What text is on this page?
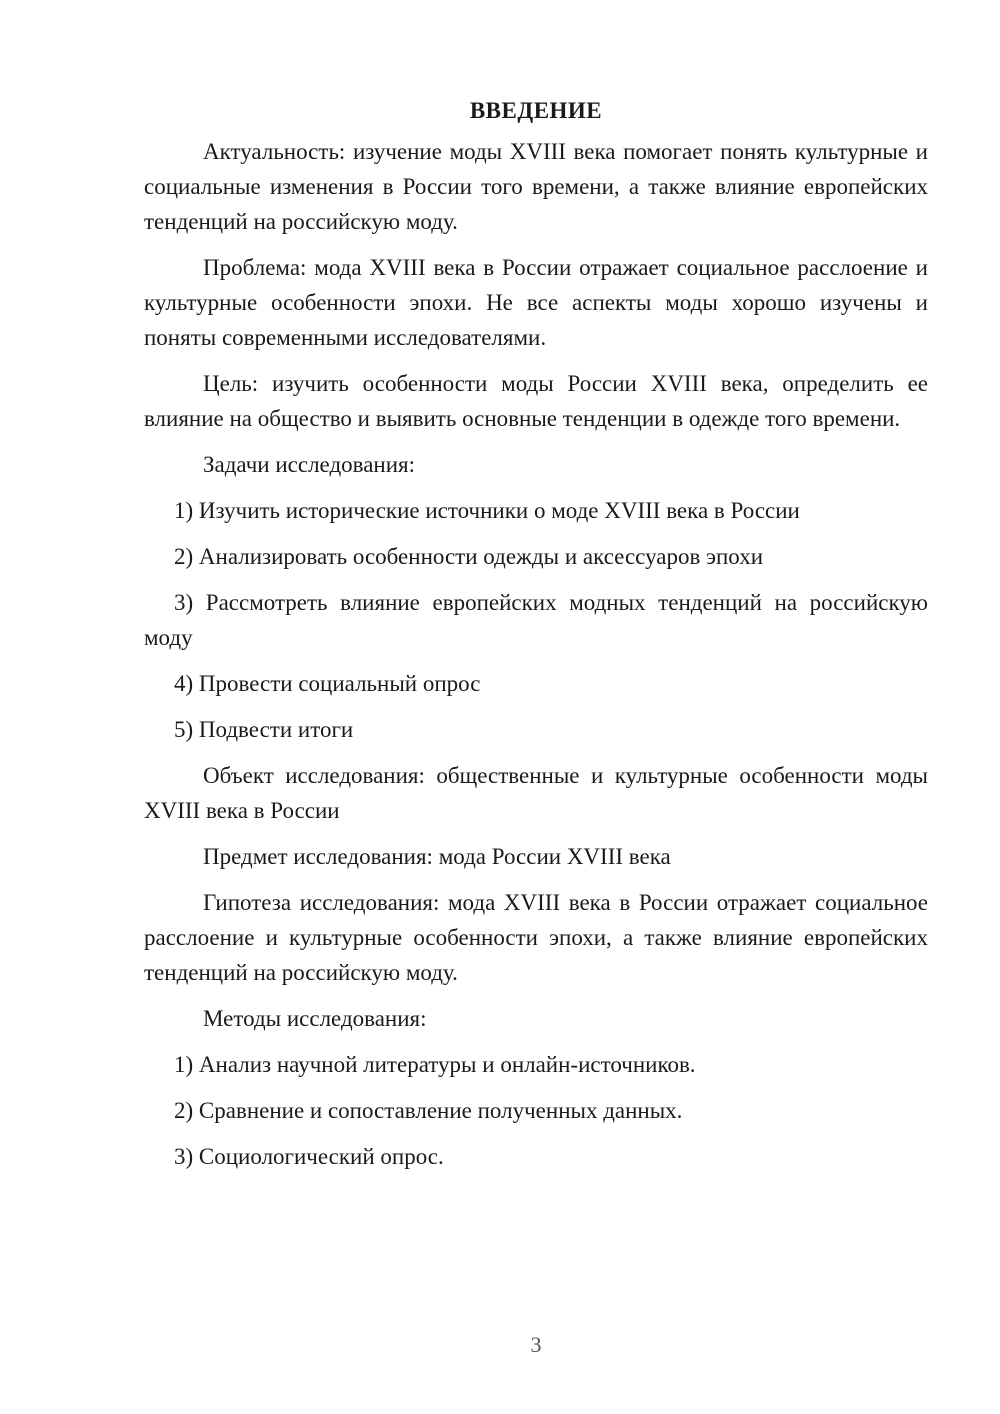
ВВЕДЕНИЕ

Актуальность: изучение моды XVIII века помогает понять культурные и социальные изменения в России того времени, а также влияние европейских тенденций на российскую моду.

Проблема: мода XVIII века в России отражает социальное расслоение и культурные особенности эпохи. Не все аспекты моды хорошо изучены и поняты современными исследователями.

Цель: изучить особенности моды России XVIII века, определить ее влияние на общество и выявить основные тенденции в одежде того времени.

Задачи исследования:

1) Изучить исторические источники о моде XVIII века в России

2) Анализировать особенности одежды и аксессуаров эпохи

3) Рассмотреть влияние европейских модных тенденций на российскую моду

4) Провести социальный опрос

5) Подвести итоги

Объект исследования: общественные и культурные особенности моды XVIII века в России

Предмет исследования: мода России XVIII века

Гипотеза исследования: мода XVIII века в России отражает социальное расслоение и культурные особенности эпохи, а также влияние европейских тенденций на российскую моду.

Методы исследования:

1) Анализ научной литературы и онлайн-источников.

2) Сравнение и сопоставление полученных данных.

3) Социологический опрос.

3
